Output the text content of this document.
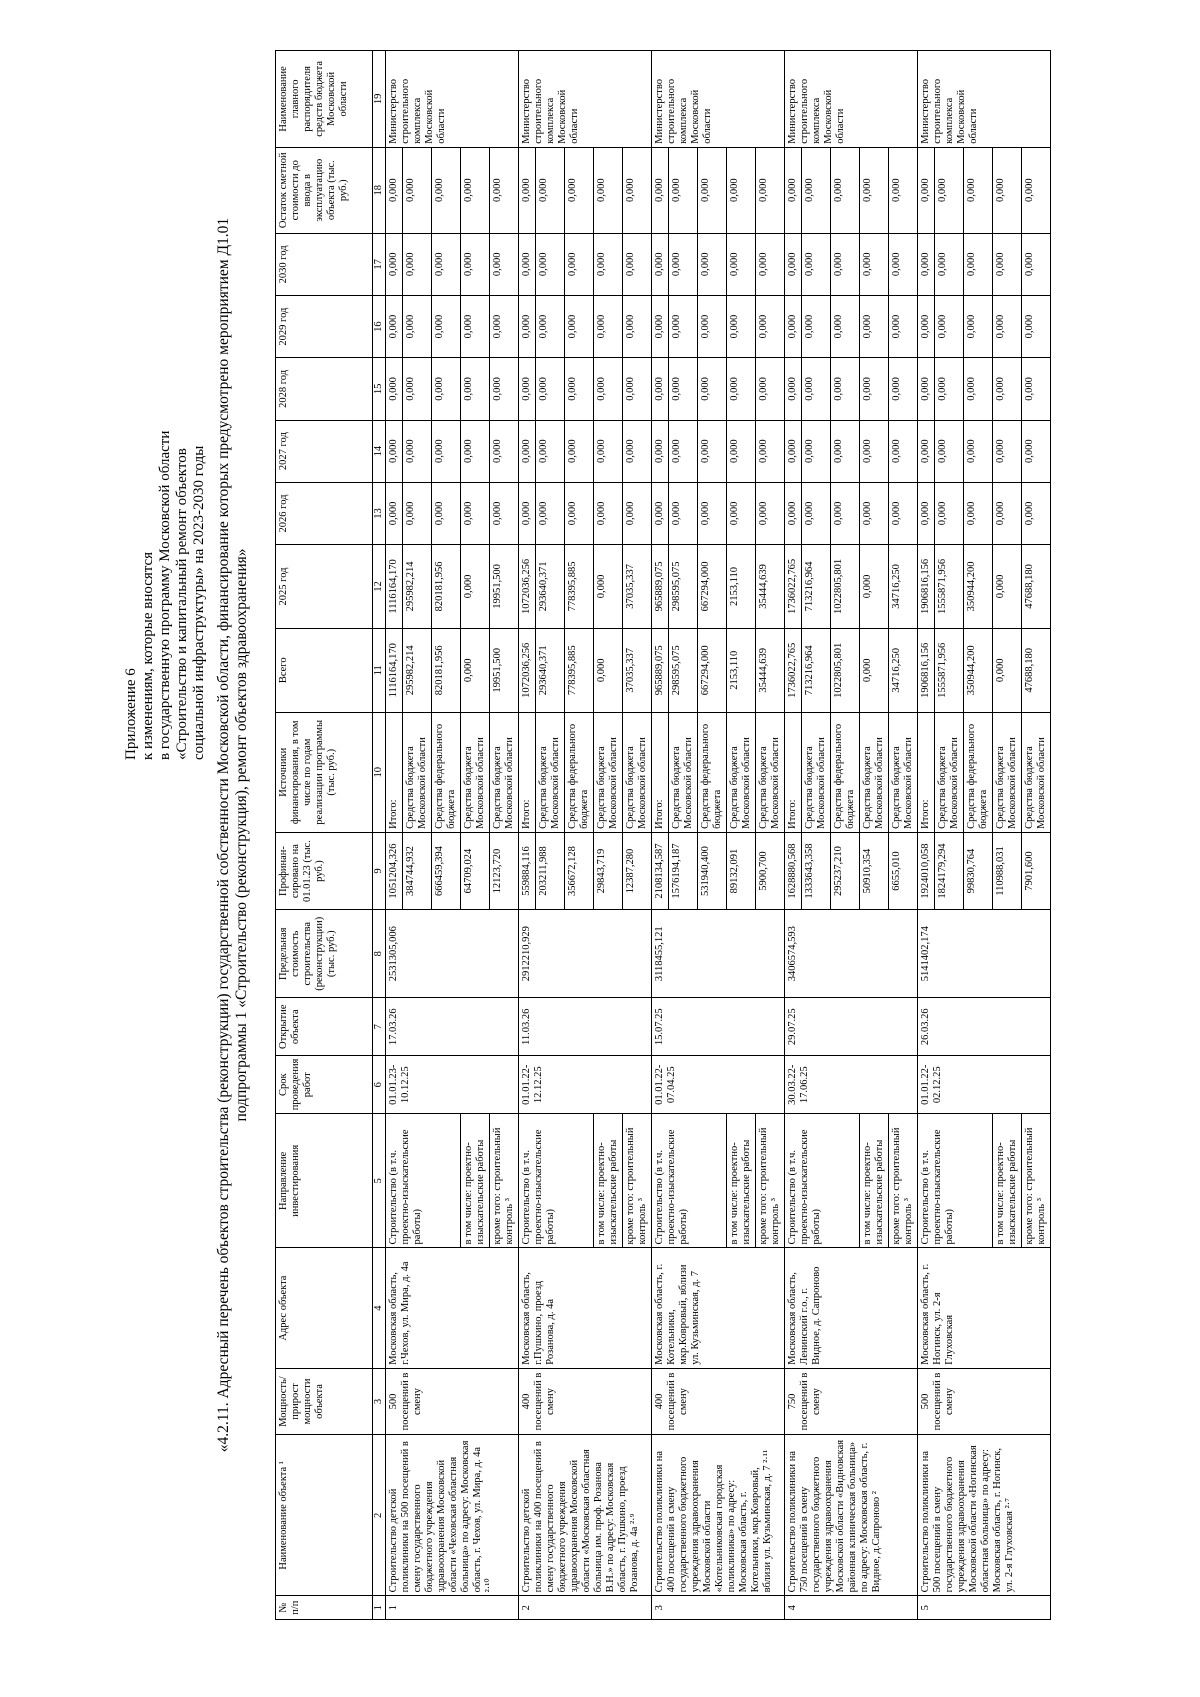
Приложение 6 к изменениям, которые вносятся в государственную программу Московской области «Строительство и капитальный ремонт объектов социальной инфраструктуры» на 2023-2030 годы «4.2.11. Адресный перечень объектов строительства (реконструкции) государственной собственности Московской области, финансирование которых предусмотрено мероприятием Д1.01 подпрограммы 1 «Строительство (реконструкция), ремонт объектов здравоохранения»
№ п/п	Наименование объекта ¹	Мощность/ прирост мощности объекта	Адрес объекта	Направление инвестирования	Срок проведения работ	Открытие объекта	Предельная стоимость строительства (реконструкции) (тыс. руб.)	Профинан-сировано на 01.01.23 (тыс. руб.)	Источники финансирования, в том числе по годам реализации программы (тыс. руб.)	Всего	2025 год	2026 год	2027 год	2028 год	2029 год	2030 год	Остаток сметной стоимости до ввода в эксплуатацию объекта (тыс. руб.)	Наименование главного распорядителя средств бюджета Московской области
1	2	3	4	5	6	7	8	9	10	11	12	13	14	15	16	17	18	19
1	Строительство детской поликлиники на 500 посещений в смену государственного бюджетного учреждения здравоохранения Московской области «Чеховская областная больница» по адресу: Московская область, г. Чехов, ул. Мира, д. 4а ²·¹⁰	500 посещений в смену	Московская область, г.Чехов, ул. Мира, д. 4а	Строительство (в т.ч. проектно-изыскательские работы)	01.01.23-10.12.25	17.03.26	2531305,006	1051204,326	Итого:	1116164,170	1116164,170	0,000	0,000	0,000	0,000	0,000	0,000	Министерство строительного комплекса Московской области
								384744,932	Средства бюджета Московской области	295982,214	295982,214	0,000	0,000	0,000	0,000	0,000	0,000	
								666459,394	Средства федерального бюджета	820181,956	820181,956	0,000	0,000	0,000	0,000	0,000	0,000	
				в том числе: проектно-изыскательские работы				64709,024	Средства бюджета Московской области	0,000	0,000	0,000	0,000	0,000	0,000	0,000	0,000	
				кроме того: строительный контроль ³				12123,720	Средства бюджета Московской области	19951,500	19951,500	0,000	0,000	0,000	0,000	0,000	0,000	
2	Строительство детской поликлиники на 400 посещений в смену государственного бюджетного учреждения здравоохранения Московской области «Московская областная больница им. проф. Розанова В.Н.» по адресу: Московская область, г. Пушкино, проезд Розанова, д. 4а ²·⁹	400 посещений в смену	Московская область, г.Пушкино, проезд Розанова, д. 4а	Строительство (в т.ч. проектно-изыскательские работы)	01.01.22-12.12.25	11.03.26	2912210,929	559884,116	Итого:	1072036,256	1072036,256	0,000	0,000	0,000	0,000	0,000	0,000	Министерство строительного комплекса Московской области
								203211,988	Средства бюджета Московской области	293640,371	293640,371	0,000	0,000	0,000	0,000	0,000	0,000	
								356672,128	Средства федерального бюджета	778395,885	778395,885	0,000	0,000	0,000	0,000	0,000	0,000	
				в том числе: проектно-изыскательские работы				29843,719	Средства бюджета Московской области	0,000	0,000	0,000	0,000	0,000	0,000	0,000	0,000	
				кроме того: строительный контроль ³				12387,280	Средства бюджета Московской области	37035,337	37035,337	0,000	0,000	0,000	0,000	0,000	0,000	
3	Строительство поликлиники на 400 посещений в смену государственного бюджетного учреждения здравоохранения Московской области «Котельниковская городская поликлиника» по адресу: Московская область, г. Котельники, мкр.Ковровый, вблизи ул. Кузьминская, д. 7 ²·¹¹	400 посещений в смену	Московская область, г. Котельники, мкр.Ковровый, вблизи ул. Кузьминская, д. 7	Строительство (в т.ч. проектно-изыскательские работы)	01.01.22-07.04.25	15.07.25	3118455,121	2108134,587	Итого:	965889,075	965889,075	0,000	0,000	0,000	0,000	0,000	0,000	Министерство строительного комплекса Московской области
								1576194,187	Средства бюджета Московской области	298595,075	298595,075	0,000	0,000	0,000	0,000	0,000	0,000	
								531940,400	Средства федерального бюджета	667294,000	667294,000	0,000	0,000	0,000	0,000	0,000	0,000	
				в том числе: проектно-изыскательские работы				89132,091	Средства бюджета Московской области	2153,110	2153,110	0,000	0,000	0,000	0,000	0,000	0,000	
				кроме того: строительный контроль ³				5900,700	Средства бюджета Московской области	35444,639	35444,639	0,000	0,000	0,000	0,000	0,000	0,000	
4	Строительство поликлиники на 750 посещений в смену государственного бюджетного учреждения здравоохранения Московской области «Видновская районная клиническая больница» по адресу: Московская область, г. Видное, д.Сапроново ²	750 посещений в смену	Московская область, Ленинский г.о., г. Видное, д. Сапроново	Строительство (в т.ч. проектно-изыскательские работы)	30.03.22-17.06.25	29.07.25	3406574,593	1628880,568	Итого:	1736022,765	1736022,765	0,000	0,000	0,000	0,000	0,000	0,000	Министерство строительного комплекса Московской области
								1333643,358	Средства бюджета Московской области	713216,964	713216,964	0,000	0,000	0,000	0,000	0,000	0,000	
								295237,210	Средства федерального бюджета	1022805,801	1022805,801	0,000	0,000	0,000	0,000	0,000	0,000	
				в том числе: проектно-изыскательские работы				50910,354	Средства бюджета Московской области	0,000	0,000	0,000	0,000	0,000	0,000	0,000	0,000	
				кроме того: строительный контроль ³				6655,010	Средства бюджета Московской области	34716,250	34716,250	0,000	0,000	0,000	0,000	0,000	0,000	
5	Строительство поликлиники на 500 посещений в смену государственного бюджетного учреждения здравоохранения Московской области «Ногинская областная больница» по адресу: Московская область, г. Ногинск, ул. 2-я Глуховская ²·⁷	500 посещений в смену	Московская область, г. Ногинск, ул. 2-я Глуховская	Строительство (в т.ч. проектно-изыскательские работы)	01.01.22-02.12.25	26.03.26	5141402,174	1924010,058	Итого:	1906816,156	1906816,156	0,000	0,000	0,000	0,000	0,000	0,000	Министерство строительного комплекса Московской области
								1824179,294	Средства бюджета Московской области	1555871,956	1555871,956	0,000	0,000	0,000	0,000	0,000	0,000	
								99830,764	Средства федерального бюджета	350944,200	350944,200	0,000	0,000	0,000	0,000	0,000	0,000	
				в том числе: проектно-изыскательские работы				110988,031	Средства бюджета Московской области	0,000	0,000	0,000	0,000	0,000	0,000	0,000	0,000	
				кроме того: строительный контроль ³				7901,600	Средства бюджета Московской области	47688,180	47688,180	0,000	0,000	0,000	0,000	0,000	0,000	
